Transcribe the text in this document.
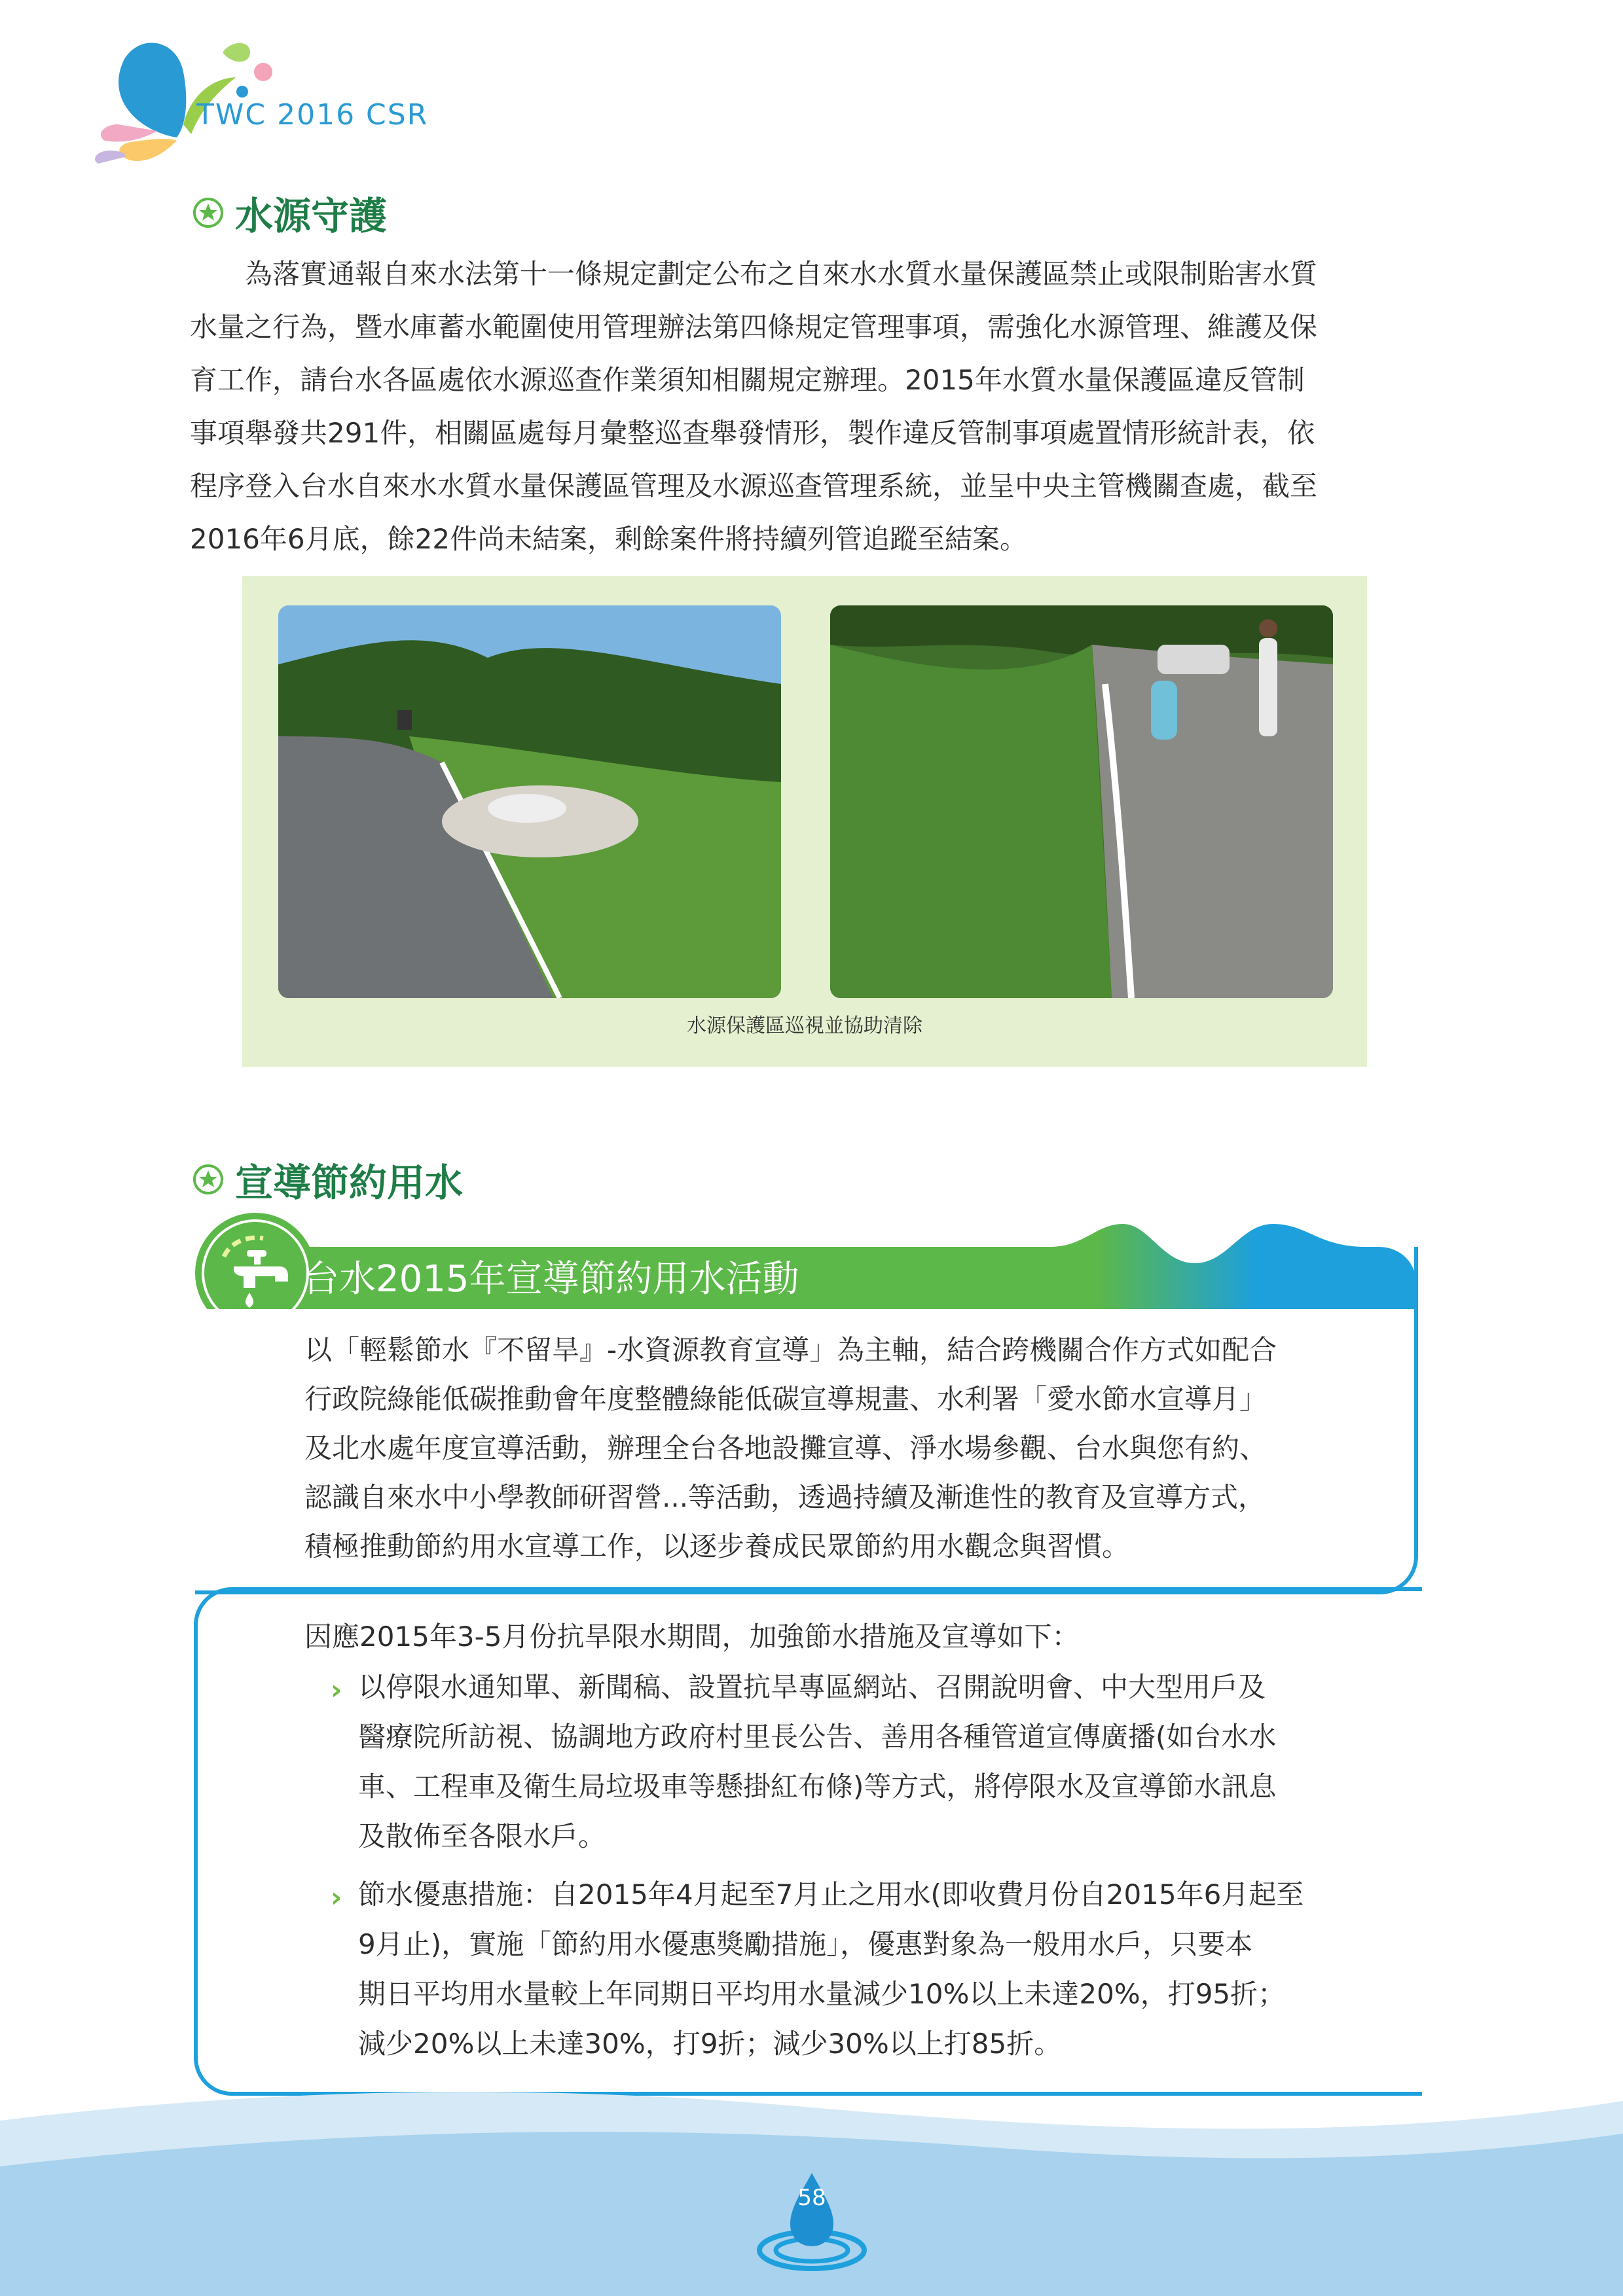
TWC 2016 CSR
水源守護
為落實通報自來水法第十一條規定劃定公布之自來水水質水量保護區禁止或限制貽害水質
水量之行為，暨水庫蓄水範圍使用管理辦法第四條規定管理事項，需強化水源管理、維護及保
育工作，請台水各區處依水源巡查作業須知相關規定辦理。2015年水質水量保護區違反管制
事項舉發共291件，相關區處每月彙整巡查舉發情形，製作違反管制事項處置情形統計表，依
程序登入台水自來水水質水量保護區管理及水源巡查管理系統，並呈中央主管機關查處，截至
2016年6月底，餘22件尚未結案，剩餘案件將持續列管追蹤至結案。
水源保護區巡視並協助清除
宣導節約用水
台水2015年宣導節約用水活動
以「輕鬆節水『不留旱』-水資源教育宣導」為主軸，結合跨機關合作方式如配合
行政院綠能低碳推動會年度整體綠能低碳宣導規畫、水利署「愛水節水宣導月」
及北水處年度宣導活動，辦理全台各地設攤宣導、淨水場參觀、台水與您有約、
認識自來水中小學教師研習營...等活動，透過持續及漸進性的教育及宣導方式，
積極推動節約用水宣導工作，以逐步養成民眾節約用水觀念與習慣。
因應2015年3-5月份抗旱限水期間，加強節水措施及宣導如下：
› 以停限水通知單、新聞稿、設置抗旱專區網站、召開說明會、中大型用戶及
醫療院所訪視、協調地方政府村里長公告、善用各種管道宣傳廣播(如台水水
車、工程車及衛生局垃圾車等懸掛紅布條)等方式，將停限水及宣導節水訊息
及散佈至各限水戶。
› 節水優惠措施：自2015年4月起至7月止之用水(即收費月份自2015年6月起至
9月止)，實施「節約用水優惠獎勵措施」，優惠對象為一般用水戶，只要本
期日平均用水量較上年同期日平均用水量減少10%以上未達20%，打95折；
減少20%以上未達30%，打9折；減少30%以上打85折。
58
